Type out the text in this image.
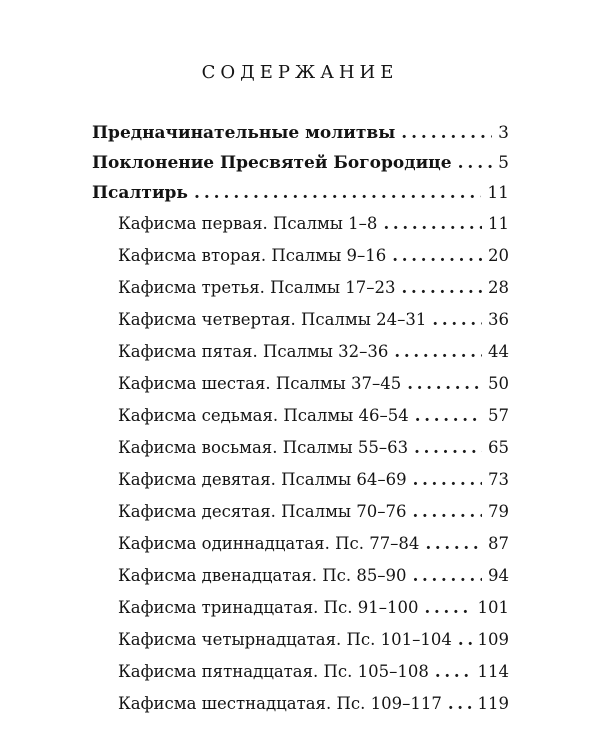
СОДЕРЖАНИЕ
Предначинательные молитвы . . .	3
Поклонение Пресвятей Богородице . . .	5
Псалтирь . . .	11
Кафисма первая. Псалмы 1–8 . . .	11
Кафисма вторая. Псалмы 9–16 . . .	20
Кафисма третья. Псалмы 17–23 . . .	28
Кафисма четвертая. Псалмы 24–31 . . .	36
Кафисма пятая. Псалмы 32–36 . . .	44
Кафисма шестая. Псалмы 37–45 . . .	50
Кафисма седьмая. Псалмы 46–54 . . .	57
Кафисма восьмая. Псалмы 55–63 . . .	65
Кафисма девятая. Псалмы 64–69 . . .	73
Кафисма десятая. Псалмы 70–76 . . .	79
Кафисма одиннадцатая. Пс. 77–84 . . .	87
Кафисма двенадцатая. Пс. 85–90 . . .	94
Кафисма тринадцатая. Пс. 91–100 . . .	101
Кафисма четырнадцатая. Пс. 101–104 . . . 109
Кафисма пятнадцатая. Пс. 105–108 . . .	114
Кафисма шестнадцатая. Пс. 109–117 . . . 119
